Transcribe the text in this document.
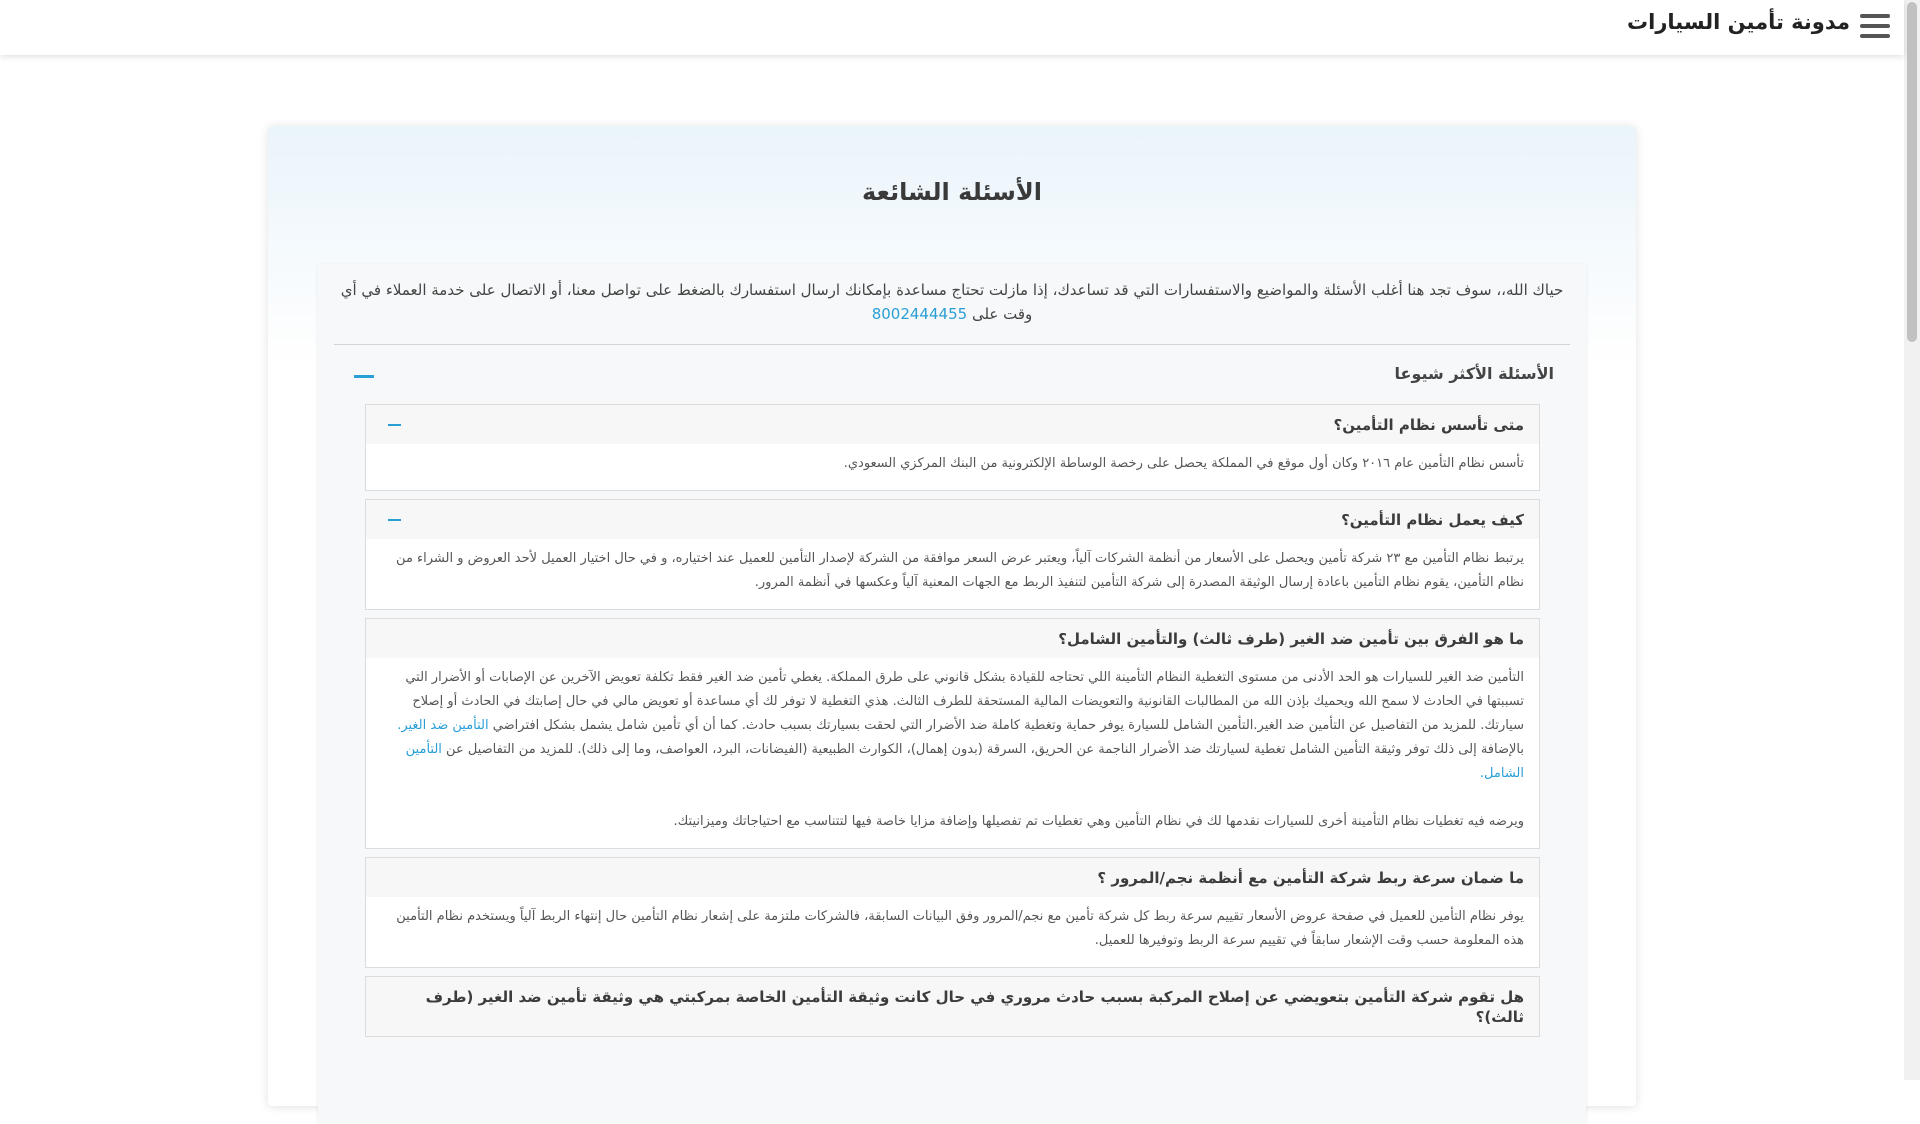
مدونة تأمين السيارات
الأسئلة الشائعة
حياك الله،، سوف تجد هنا أغلب الأسئلة والمواضيع والاستفسارات التي قد تساعدك، إذا مازلت تحتاج مساعدة بإمكانك ارسال استفسارك بالضغط على تواصل معنا، أو الاتصال على خدمة العملاء في أي وقت على 8002444455
الأسئلة الأكثر شيوعا
متى تأسس نظام التأمين؟

تأسس نظام التأمين عام ٢٠١٦ وكان أول موقع في المملكة يحصل على رخصة الوساطة الإلكترونية من البنك المركزي السعودي.

كيف يعمل نظام التأمين؟

يرتبط نظام التأمين مع ٢٣ شركة تأمين ويحصل على الأسعار من أنظمة الشركات آلياً، ويعتبر عرض السعر موافقة من الشركة لإصدار التأمين للعميل عند اختياره، و في حال اختيار العميل لأحد العروض و الشراء من نظام التأمين، يقوم نظام التأمين باعادة إرسال الوثيقة المصدرة إلى شركة التأمين لتنفيذ الربط مع الجهات المعنية آلياً وعكسها في أنظمة المرور.

ما هو الفرق بين تأمين ضد الغير (طرف ثالث) والتأمين الشامل؟

التأمين ضد الغير للسيارات هو الحد الأدنى من مستوى التغطية النظام التأمينة اللي تحتاجه للقيادة بشكل قانوني على طرق المملكة. يغطي تأمين ضد الغير فقط تكلفة تعويض الآخرين عن الإصابات أو الأضرار التي تسببتها في الحادث لا سمح الله ويحميك بإذن الله من المطالبات القانونية والتعويضات المالية المستحقة للطرف الثالث. هذي التغطية لا توفر لك أي مساعدة أو تعويض مالي في حال إصابتك في الحادث أو إصلاح سيارتك. للمزيد من التفاصيل عن التأمين ضد الغير.التأمين الشامل للسيارة يوفر حماية وتغطية كاملة ضد الأضرار التي لحقت بسيارتك بسبب حادث. كما أن أي تأمين شامل يشمل بشكل افتراضي التأمين ضد الغير.

بالإضافة إلى ذلك توفر وثيقة التأمين الشامل تغطية لسيارتك ضد الأضرار الناجمة عن الحريق، السرقة (بدون إهمال)، الكوارث الطبيعية (الفيضانات، البرد، العواصف، وما إلى ذلك). للمزيد من التفاصيل عن التأمين الشامل.

ويرضه فيه تغطيات نظام التأمينة أخرى للسيارات نقدمها لك في نظام التأمين وهي تغطيات تم تفصيلها وإضافة مزايا خاصة فيها لتتناسب مع احتياجاتك وميزانيتك.

ما ضمان سرعة ربط شركة التأمين مع أنظمة نجم/المرور ؟

يوفر نظام التأمين للعميل في صفحة عروض الأسعار تقييم سرعة ربط كل شركة تأمين مع نجم/المرور وفق البيانات السابقة، فالشركات ملتزمة على إشعار نظام التأمين حال إنتهاء الربط آلياً ويستخدم نظام التأمين هذه المعلومة حسب وقت الإشعار سابقاً في تقييم سرعة الربط وتوفيرها للعميل.

هل تقوم شركة التأمين بتعويضي عن إصلاح المركبة بسبب حادث مروري في حال كانت وثيقة التأمين الخاصة بمركبتي هي وثيقة تأمين ضد الغير (طرف ثالث)؟
